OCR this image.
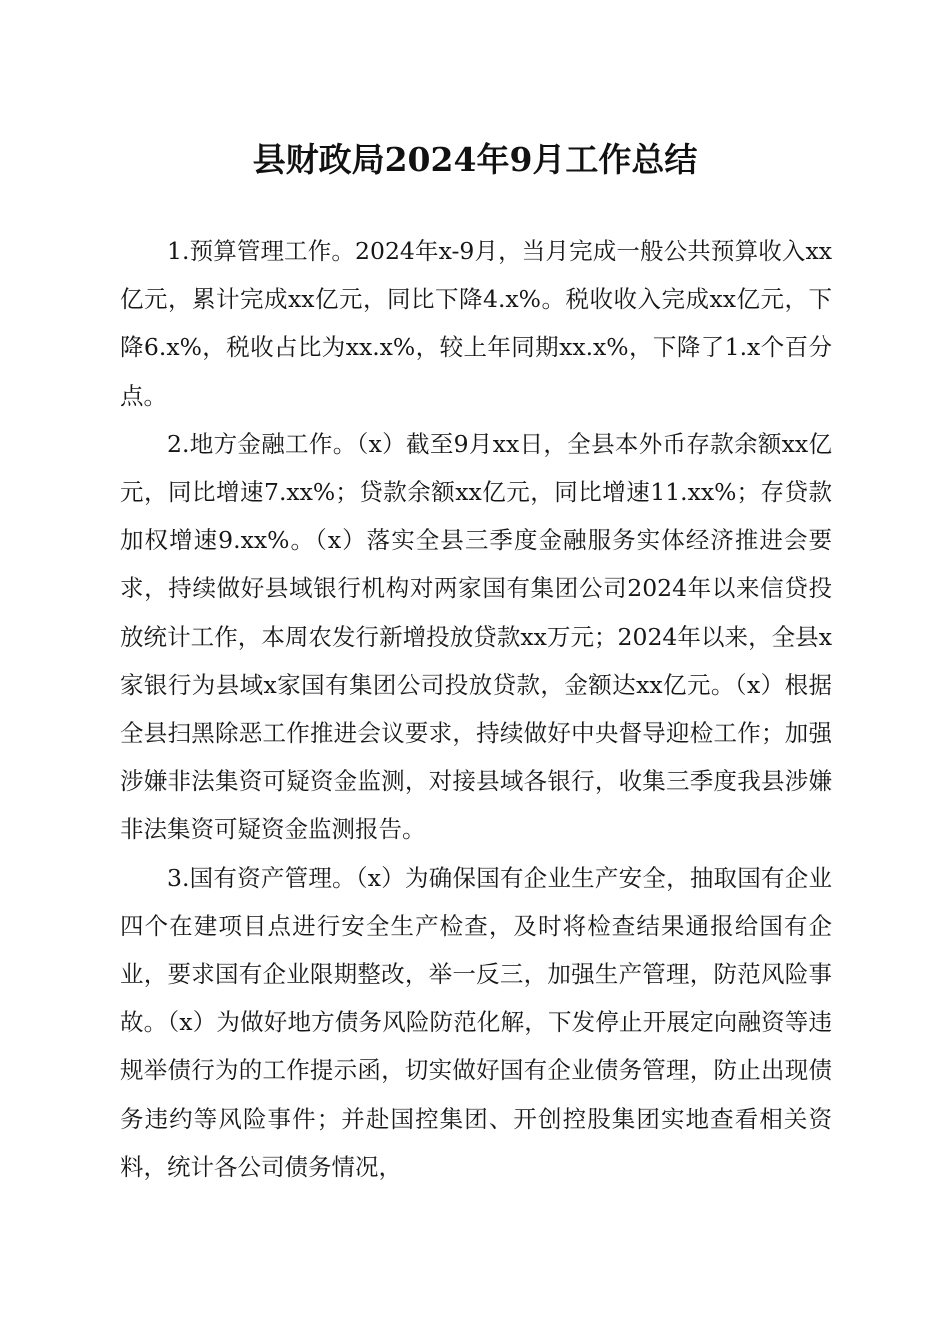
县财政局2024年9月工作总结

1.预算管理工作。2024年x-9月，当月完成一般公共预算收入xx亿元，累计完成xx亿元，同比下降4.x%。税收收入完成xx亿元，下降6.x%，税收占比为xx.x%，较上年同期xx.x%，下降了1.x个百分点。

2.地方金融工作。（x）截至9月xx日，全县本外币存款余额xx亿元，同比增速7.xx%；贷款余额xx亿元，同比增速11.xx%；存贷款加权增速9.xx%。（x）落实全县三季度金融服务实体经济推进会要求，持续做好县域银行机构对两家国有集团公司2024年以来信贷投放统计工作，本周农发行新增投放贷款xx万元；2024年以来，全县x家银行为县域x家国有集团公司投放贷款，金额达xx亿元。（x）根据全县扫黑除恶工作推进会议要求，持续做好中央督导迎检工作；加强涉嫌非法集资可疑资金监测，对接县域各银行，收集三季度我县涉嫌非法集资可疑资金监测报告。

3.国有资产管理。（x）为确保国有企业生产安全，抽取国有企业四个在建项目点进行安全生产检查，及时将检查结果通报给国有企业，要求国有企业限期整改，举一反三，加强生产管理，防范风险事故。（x）为做好地方债务风险防范化解，下发停止开展定向融资等违规举债行为的工作提示函，切实做好国有企业债务管理，防止出现债务违约等风险事件；并赴国控集团、开创控股集团实地查看相关资料，统计各公司债务情况，
